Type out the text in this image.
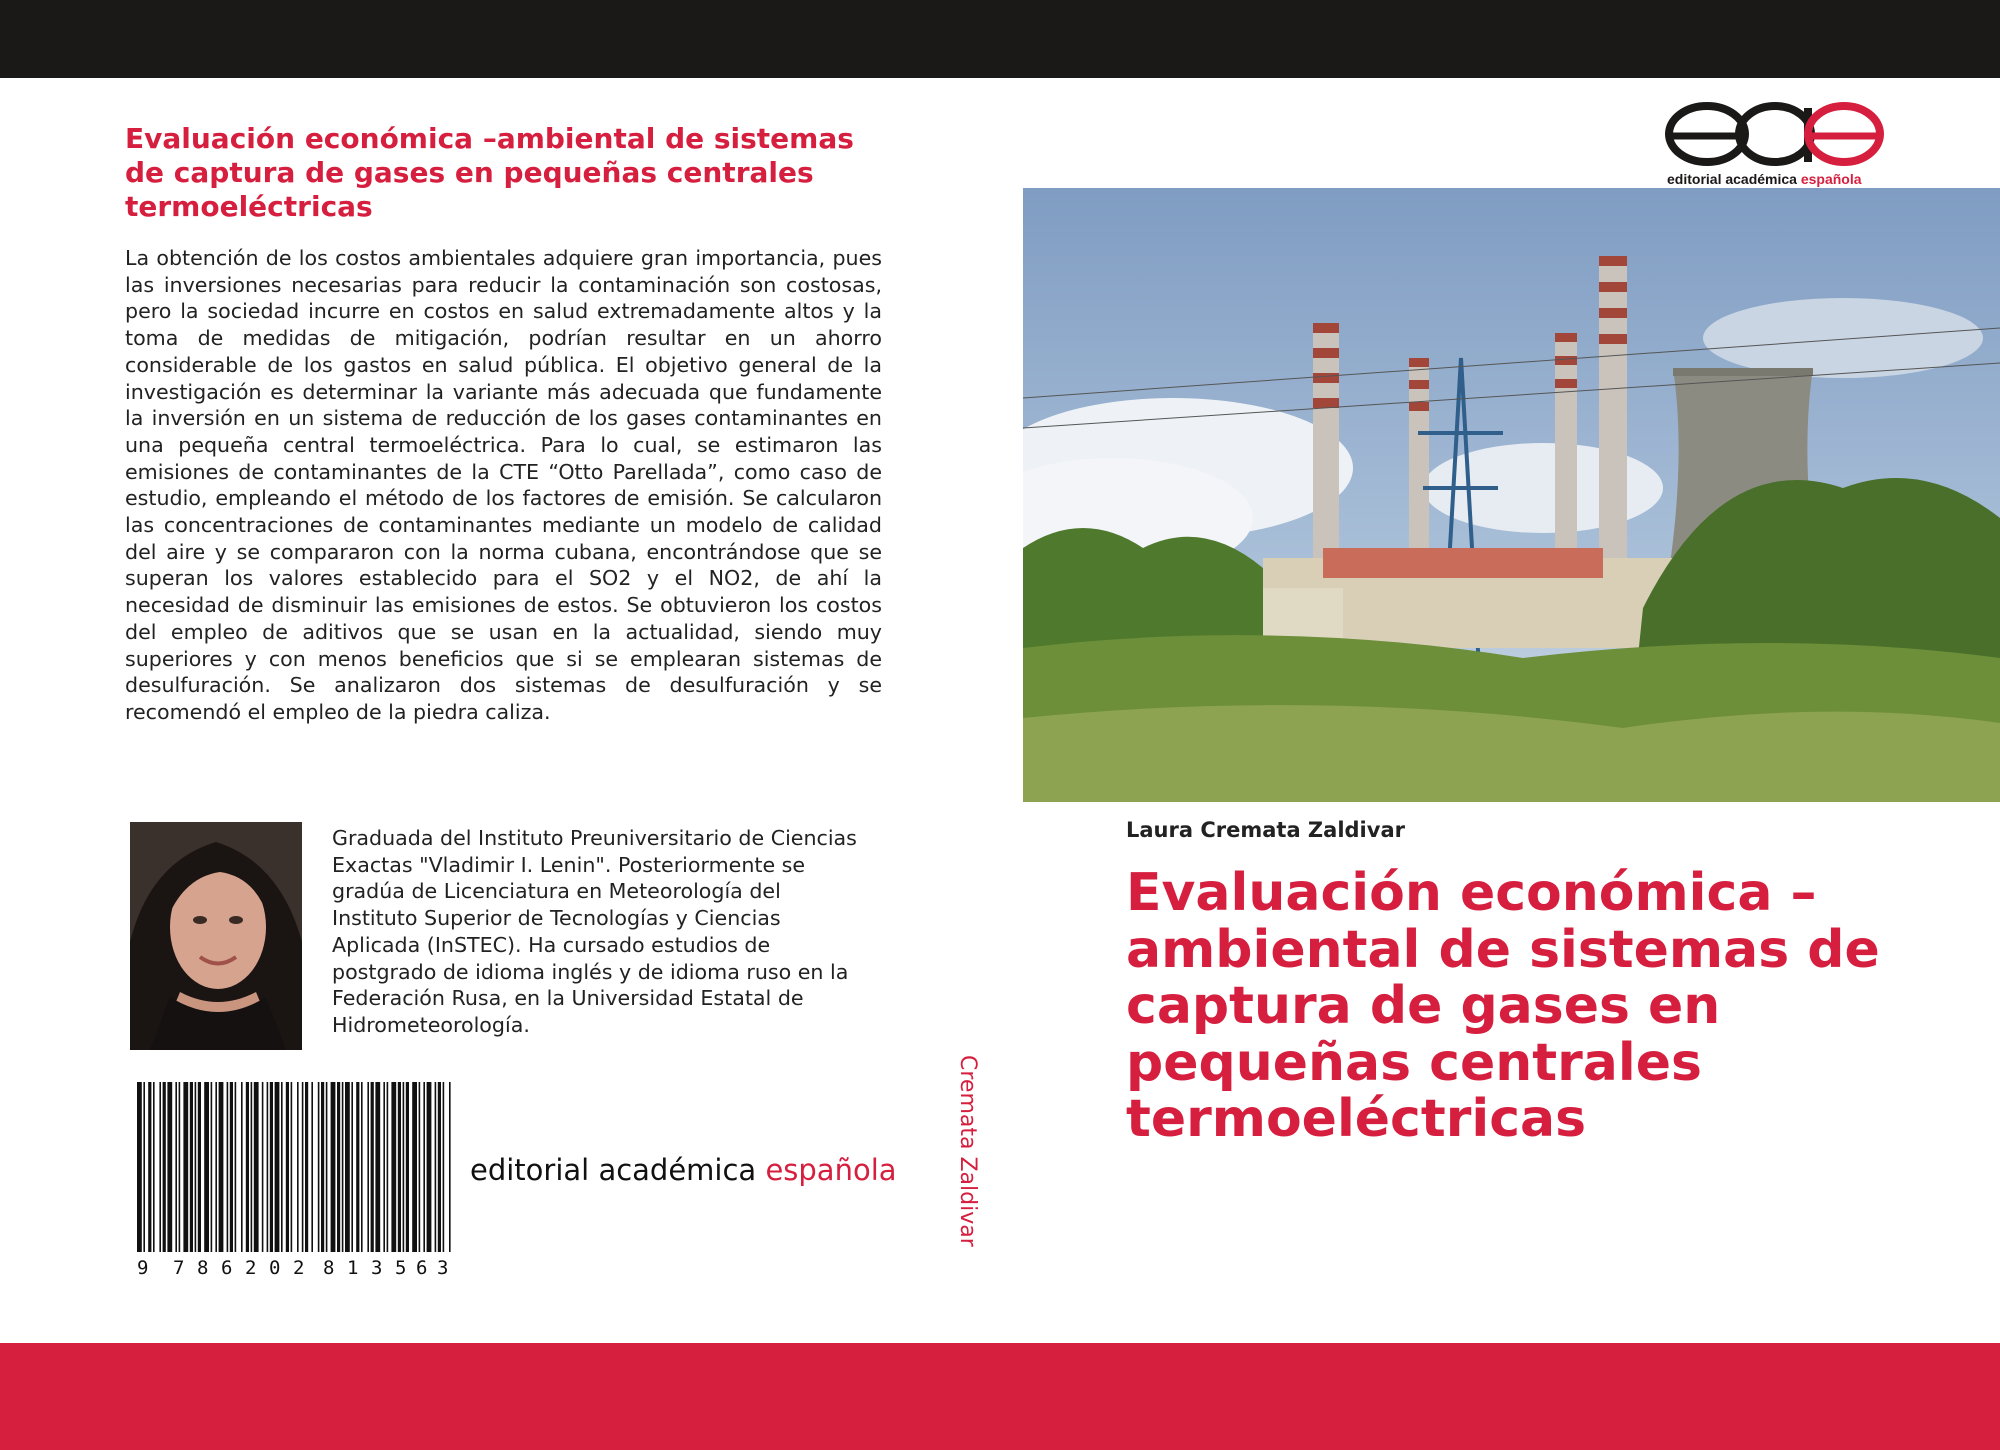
Evaluación económica –ambiental de sistemas de captura de gases en pequeñas centrales termoeléctricas
La obtención de los costos ambientales adquiere gran importancia, pues las inversiones necesarias para reducir la contaminación son costosas, pero la sociedad incurre en costos en salud extremadamente altos y la toma de medidas de mitigación, podrían resultar en un ahorro considerable de los gastos en salud pública. El objetivo general de la investigación es determinar la variante más adecuada que fundamente la inversión en un sistema de reducción de los gases contaminantes en una pequeña central termoeléctrica. Para lo cual, se estimaron las emisiones de contaminantes de la CTE “Otto Parellada”, como caso de estudio, empleando el método de los factores de emisión. Se calcularon las concentraciones de contaminantes mediante un modelo de calidad del aire y se compararon con la norma cubana, encontrándose que se superan los valores establecido para el SO2 y el NO2, de ahí la necesidad de disminuir las emisiones de estos. Se obtuvieron los costos del empleo de aditivos que se usan en la actualidad, siendo muy superiores y con menos beneficios que si se emplearan sistemas de desulfuración. Se analizaron dos sistemas de desulfuración y se recomendó el empleo de la piedra caliza.
Graduada del Instituto Preuniversitario de Ciencias Exactas "Vladimir I. Lenin". Posteriormente se gradúa de Licenciatura en Meteorología del Instituto Superior de Tecnologías y Ciencias Aplicada (InSTEC). Ha cursado estudios de postgrado de idioma inglés y de idioma ruso en la Federación Rusa, en la Universidad Estatal de Hidrometeorología.
9 7 8 6 2 0 2 8 1 3 5 6 3
editorial académica española	Cremata Zaldivar
editorial académica española
Laura Cremata Zaldivar
Evaluación económica – ambiental de sistemas de captura de gases en pequeñas centrales termoeléctricas
